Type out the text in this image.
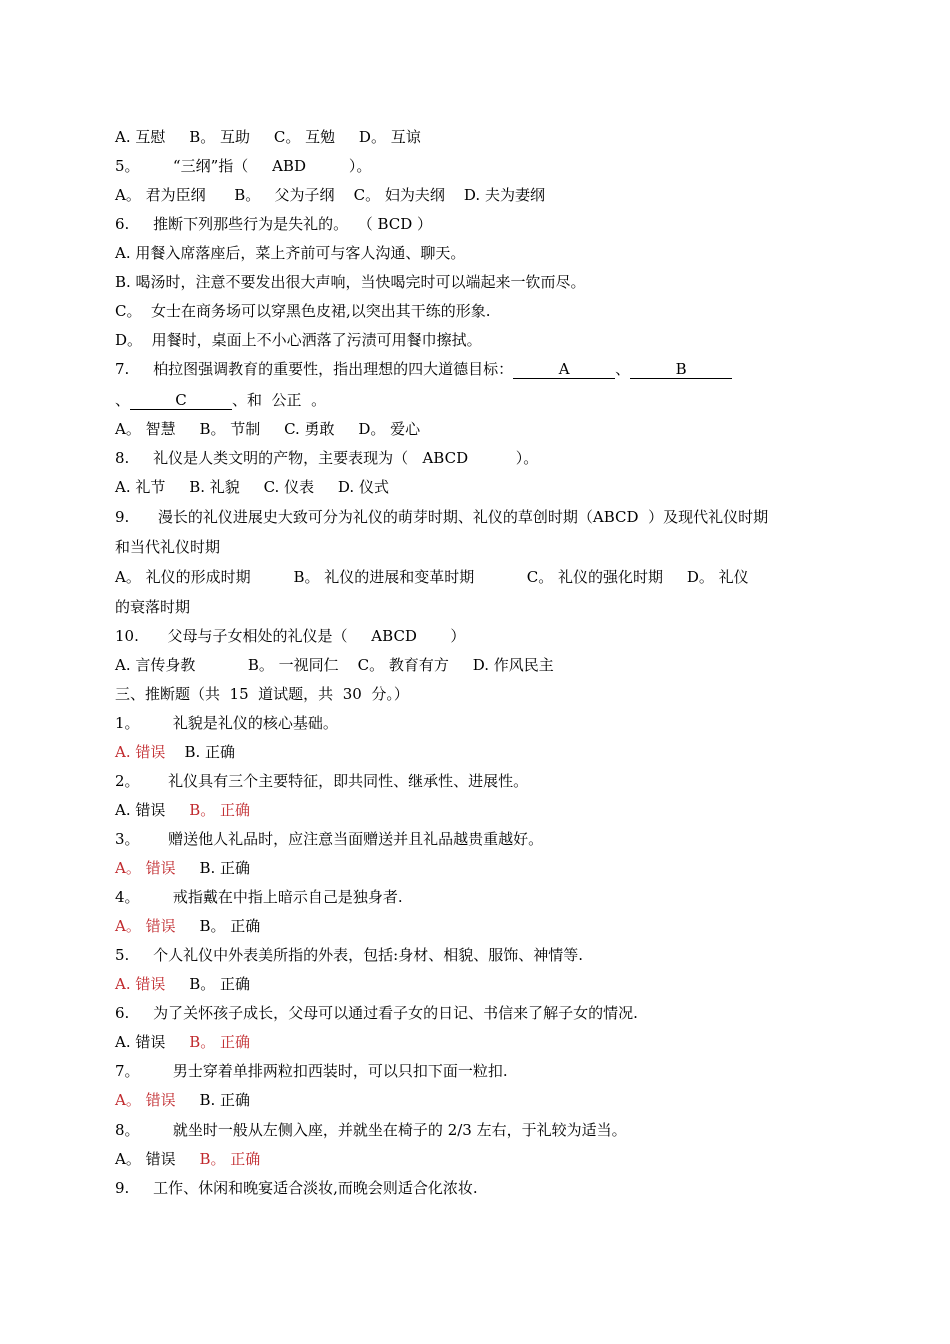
A. 互慰     B。 互助     C。 互勉     D。 互谅
5。       “三纲”指（     ABD         ）。
A。 君为臣纲      B。   父为子纲    C。 妇为夫纲    D. 夫为妻纲
6.     推断下列那些行为是失礼的。  （ BCD ）
A. 用餐入席落座后，菜上齐前可与客人沟通、聊天。
B. 喝汤时，注意不要发出很大声响，当快喝完时可以端起来一钦而尽。
C。  女士在商务场可以穿黑色皮裙,以突出其干练的形象.
D。  用餐时，桌面上不小心洒落了污渍可用餐巾擦拭。
7.     柏拉图强调教育的重要性，指出理想的四大道德目标：	A	、	B
、	C	、和  公正  。
A。 智慧     B。 节制     C. 勇敢     D。 爱心
8.     礼仪是人类文明的产物，主要表现为（   ABCD          ）。
A. 礼节     B. 礼貌     C. 仪表     D. 仪式
9.      漫长的礼仪进展史大致可分为礼仪的萌芽时期、礼仪的草创时期（ABCD  ）及现代礼仪时期
和当代礼仪时期
A。 礼仪的形成时期         B。 礼仪的进展和变革时期           C。 礼仪的强化时期     D。 礼仪
的衰落时期
10.      父母与子女相处的礼仪是（     ABCD       ）
A. 言传身教           B。 一视同仁    C。 教育有方     D. 作风民主
三、推断题（共  15  道试题，共  30  分。）
1。       礼貌是礼仪的核心基础。
A. 错误    B. 正确
2。      礼仪具有三个主要特征，即共同性、继承性、进展性。
A. 错误     B。 正确
3。      赠送他人礼品时，应注意当面赠送并且礼品越贵重越好。
A。 错误     B. 正确
4。       戒指戴在中指上暗示自己是独身者.
A。 错误     B。 正确
5.     个人礼仪中外表美所指的外表，包括:身材、相貌、服饰、神情等.
A. 错误     B。 正确
6.     为了关怀孩子成长，父母可以通过看子女的日记、书信来了解子女的情况.
A. 错误     B。 正确
7。       男士穿着单排两粒扣西装时，可以只扣下面一粒扣.
A。 错误     B. 正确
8。       就坐时一般从左侧入座，并就坐在椅子的 2/3 左右，于礼较为适当。
A。 错误     B。 正确
9.     工作、休闲和晚宴适合淡妆,而晚会则适合化浓妆.
